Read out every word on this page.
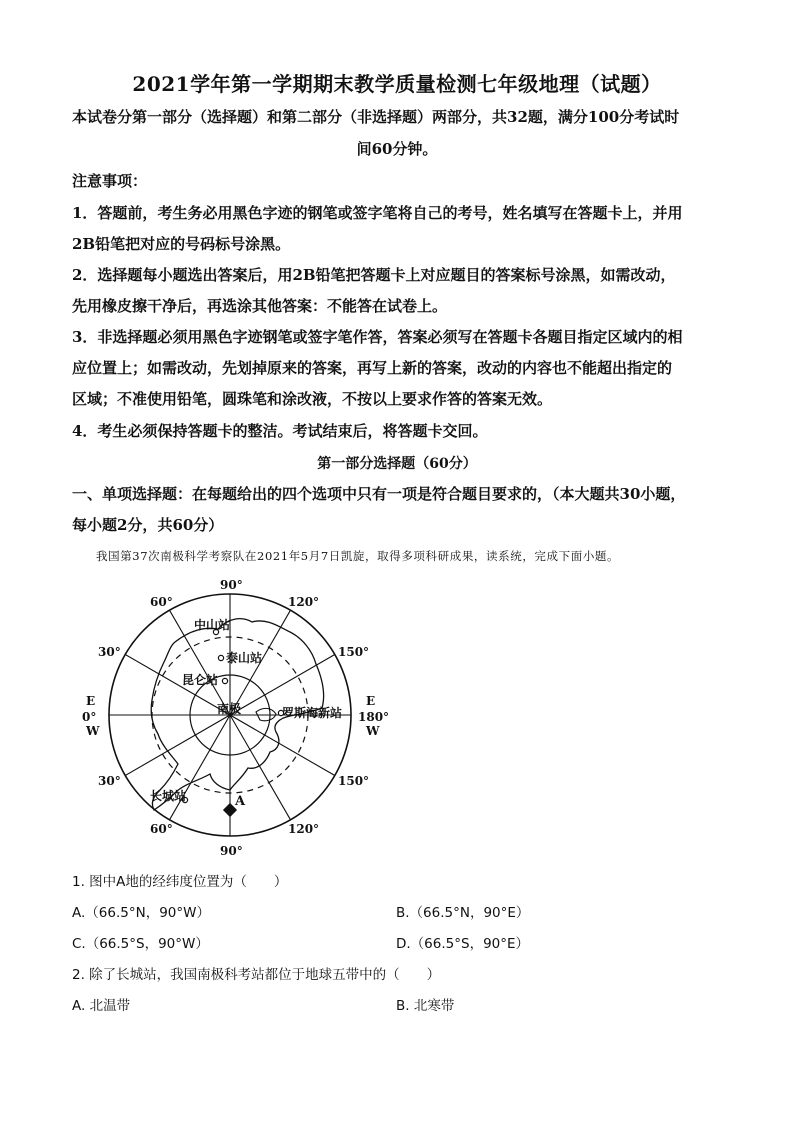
2021学年第一学期期末教学质量检测七年级地理（试题）
本试卷分第一部分（选择题）和第二部分（非选择题）两部分，共32题，满分100分考试时
间60分钟。
注意事项：
1．答题前，考生务必用黑色字迹的钢笔或签字笔将自己的考号，姓名填写在答题卡上，并用
2B铅笔把对应的号码标号涂黑。
2．选择题每小题选出答案后，用2B铅笔把答题卡上对应题目的答案标号涂黑，如需改动，
先用橡皮擦干净后，再选涂其他答案：不能答在试卷上。
3．非选择题必须用黑色字迹钢笔或签字笔作答，答案必须写在答题卡各题目指定区域内的相
应位置上；如需改动，先划掉原来的答案，再写上新的答案，改动的内容也不能超出指定的
区域；不准使用铅笔，圆珠笔和涂改液，不按以上要求作答的答案无效。
4．考生必须保持答题卡的整洁。考试结束后，将答题卡交回。
第一部分选择题（60分）
一、单项选择题：在每题给出的四个选项中只有一项是符合题目要求的，（本大题共30小题，
每小题2分，共60分）
我国第37次南极科学考察队在2021年5月7日凯旋，取得多项科研成果，读系统，完成下面小题。
90°
90°
60°	120°
30°	150°
30°	150°
60°	120°
0°	180°
E
W
E
W
中山站
泰山站
昆仑站
南极	罗斯海新站
长城站	A
1. 图中A地的经纬度位置为（　　）
A.（66.5°N，90°W）	B.（66.5°N，90°E）
C.（66.5°S，90°W）	D.（66.5°S，90°E）
2. 除了长城站，我国南极科考站都位于地球五带中的（　　）
A. 北温带	B. 北寒带
